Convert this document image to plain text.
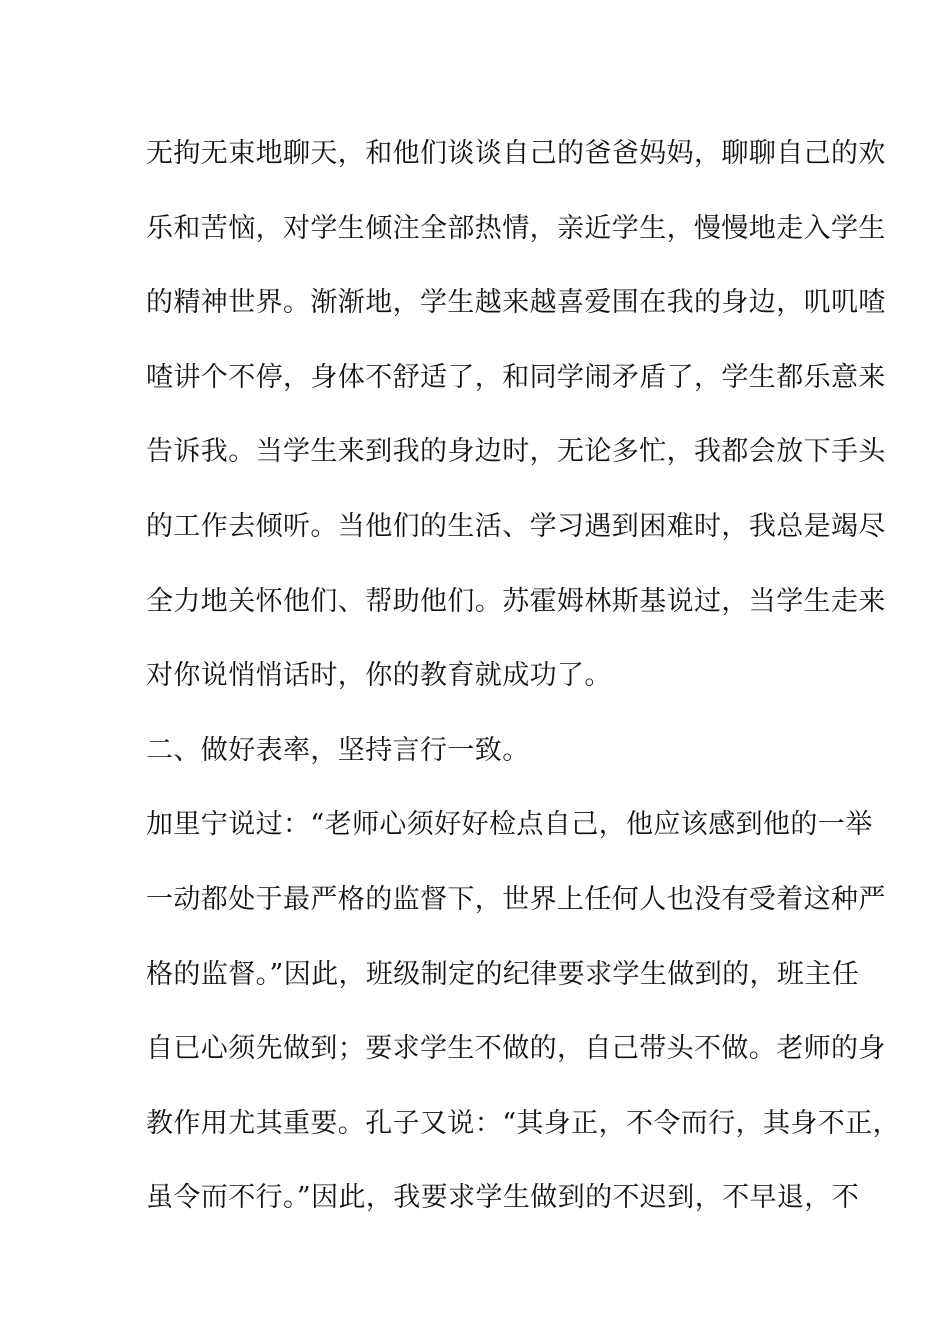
无拘无束地聊天，和他们谈谈自己的爸爸妈妈，聊聊自己的欢
乐和苦恼，对学生倾注全部热情，亲近学生，慢慢地走入学生
的精神世界。渐渐地，学生越来越喜爱围在我的身边，叽叽喳
喳讲个不停，身体不舒适了，和同学闹矛盾了，学生都乐意来
告诉我。当学生来到我的身边时，无论多忙，我都会放下手头
的工作去倾听。当他们的生活、学习遇到困难时，我总是竭尽
全力地关怀他们、帮助他们。苏霍姆林斯基说过，当学生走来
对你说悄悄话时，你的教育就成功了。
二、做好表率，坚持言行一致。
加里宁说过：“老师心须好好检点自己，他应该感到他的一举
一动都处于最严格的监督下，世界上任何人也没有受着这种严
格的监督。”因此，班级制定的纪律要求学生做到的，班主任
自已心须先做到；要求学生不做的，自己带头不做。老师的身
教作用尤其重要。孔子又说：“其身正，不令而行，其身不正，
虽令而不行。”因此，我要求学生做到的不迟到，不早退，不
